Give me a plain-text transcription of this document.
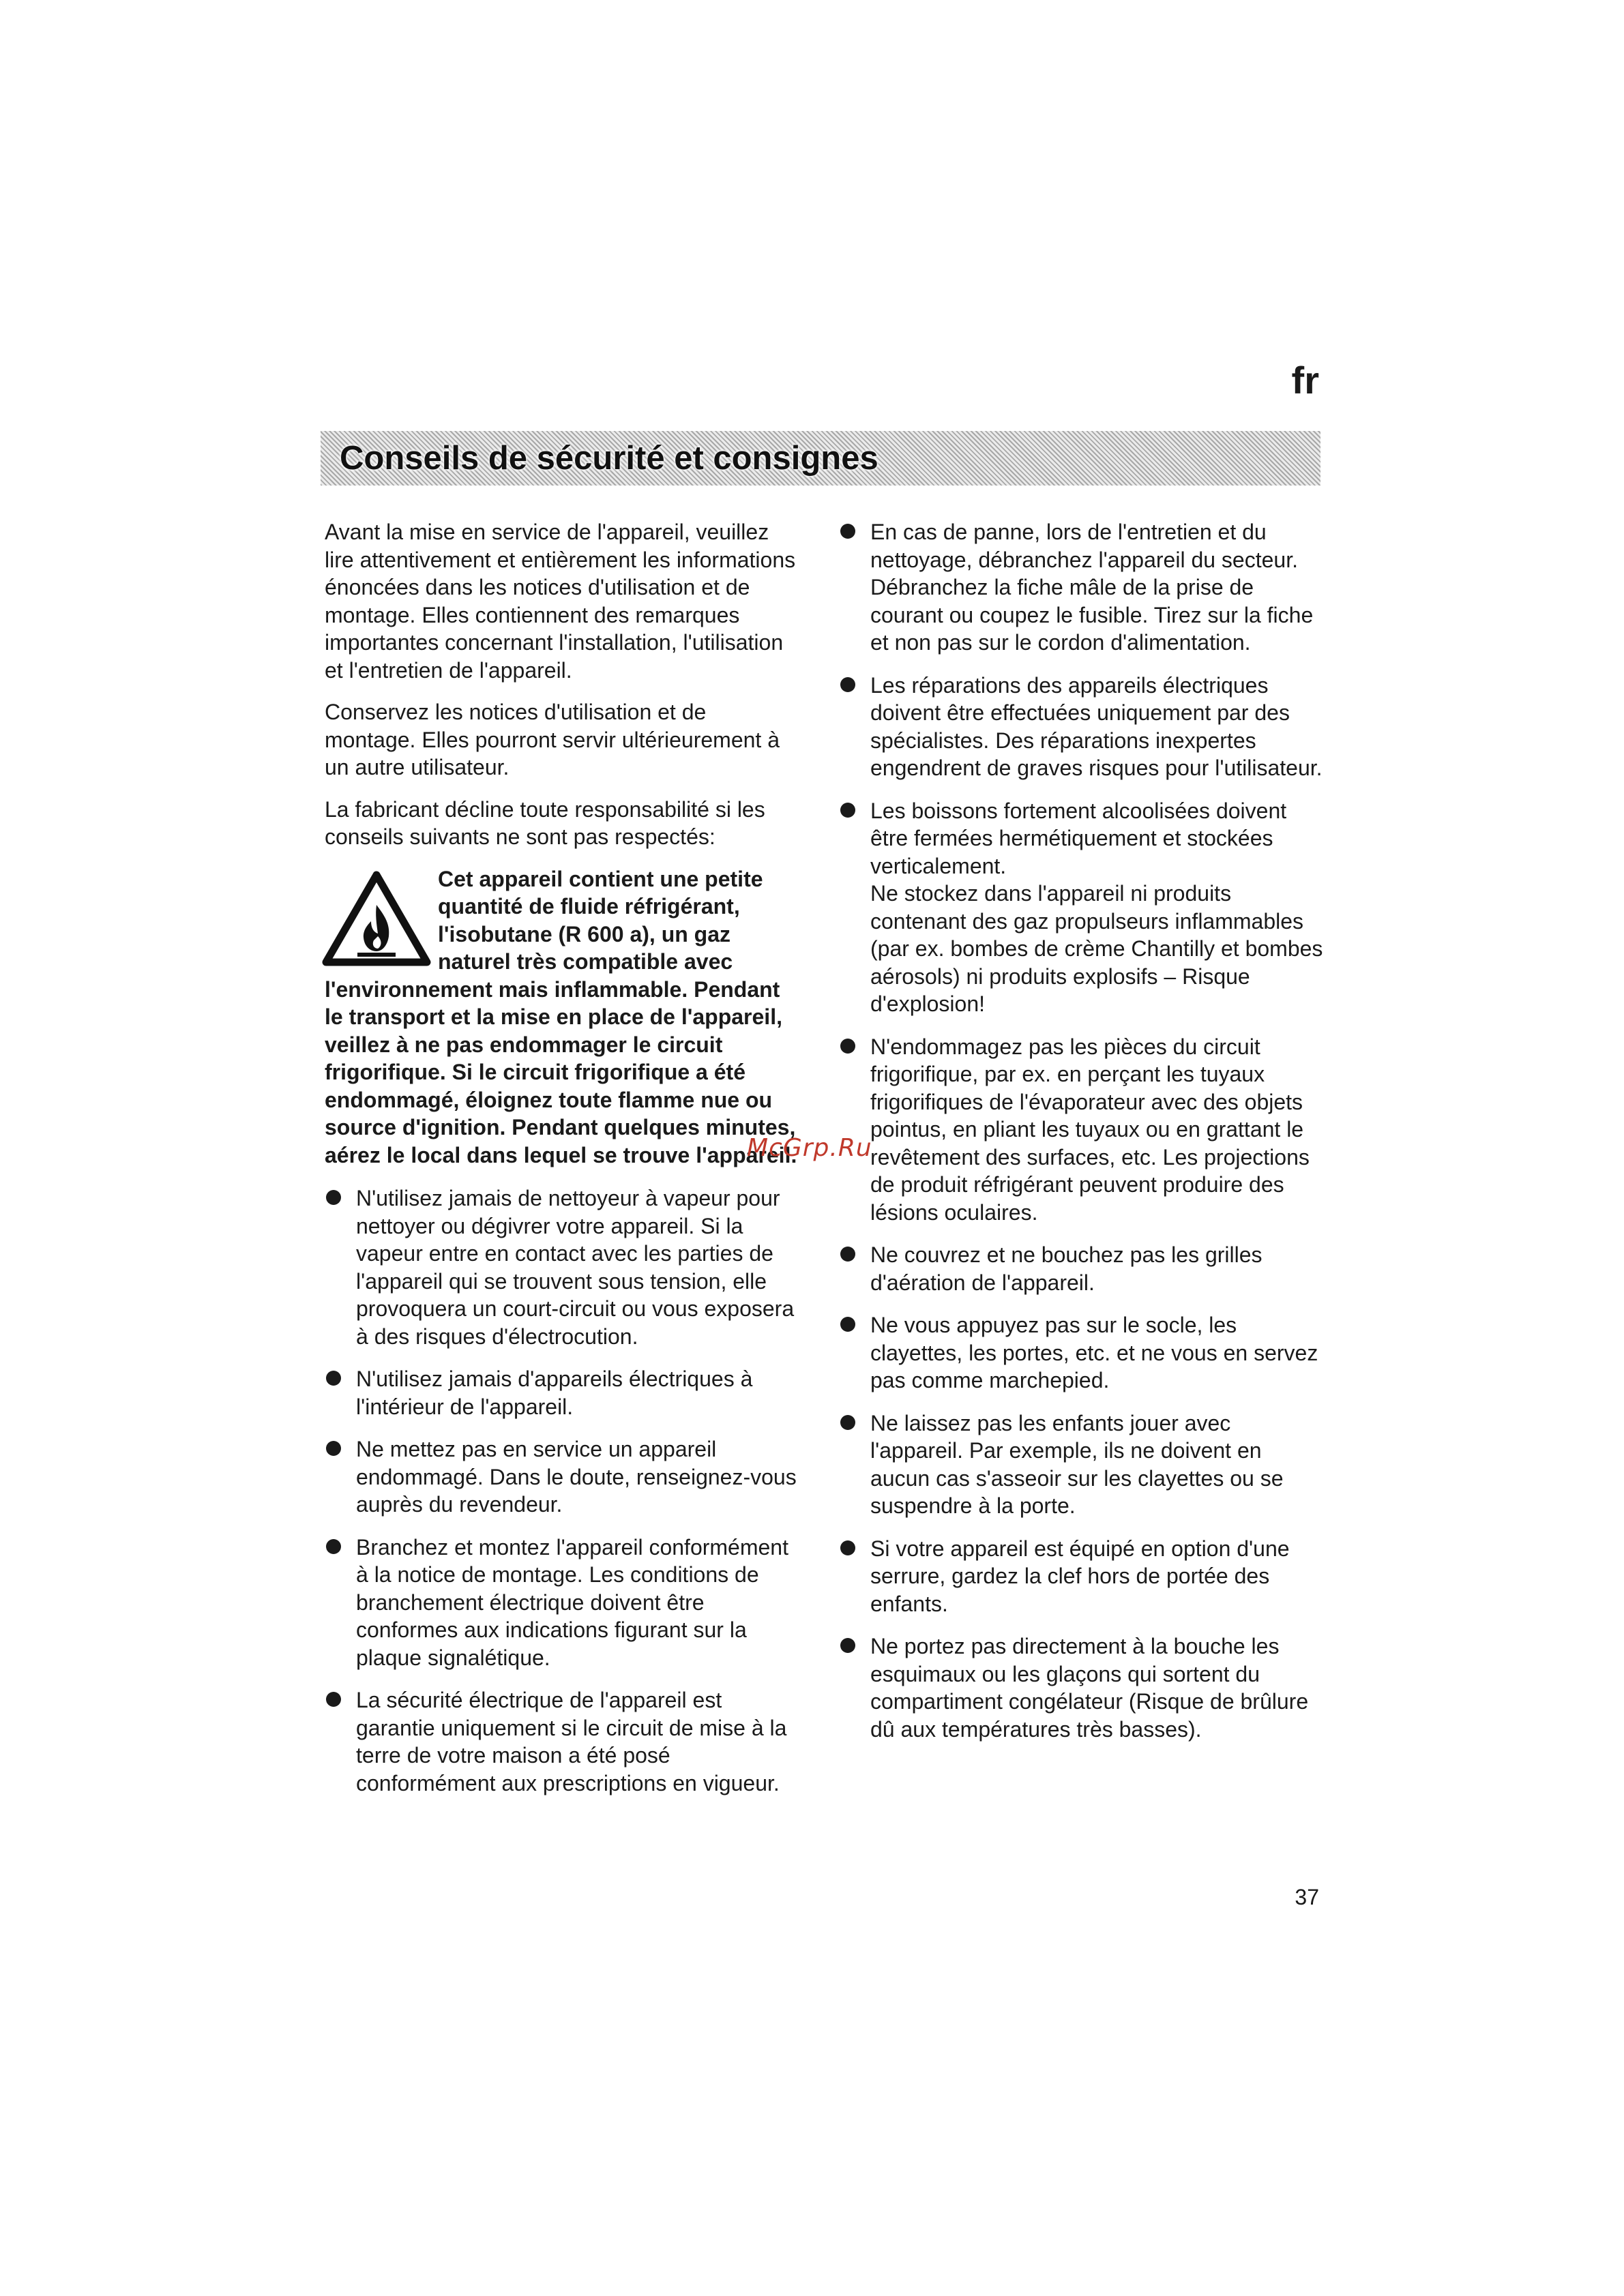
fr
Conseils de sécurité et consignes

Avant la mise en service de l'appareil, veuillez lire attentivement et entièrement les informations énoncées dans les notices d'utilisation et de montage. Elles contiennent des remarques importantes concernant l'installation, l'utilisation et l'entretien de l'appareil.

Conservez les notices d'utilisation et de montage. Elles pourront servir ultérieurement à un autre utilisateur.

La fabricant décline toute responsabilité si les conseils suivants ne sont pas respectés:

Cet appareil contient une petite quantité de fluide réfrigérant, l'isobutane (R 600 a), un gaz naturel très compatible avec l'environnement mais inflammable. Pendant le transport et la mise en place de l'appareil, veillez à ne pas endommager le circuit frigorifique. Si le circuit frigorifique a été endommagé, éloignez toute flamme nue ou source d'ignition. Pendant quelques minutes, aérez le local dans lequel se trouve l'appareil.
N'utilisez jamais de nettoyeur à vapeur pour nettoyer ou dégivrer votre appareil. Si la vapeur entre en contact avec les parties de l'appareil qui se trouvent sous tension, elle provoquera un court-circuit ou vous exposera à des risques d'électrocution.
N'utilisez jamais d'appareils électriques à l'intérieur de l'appareil.
Ne mettez pas en service un appareil endommagé. Dans le doute, renseignez-vous auprès du revendeur.
Branchez et montez l'appareil conformément à la notice de montage. Les conditions de branchement électrique doivent être conformes aux indications figurant sur la plaque signalétique.
La sécurité électrique de l'appareil est garantie uniquement si le circuit de mise à la terre de votre maison a été posé conformément aux prescriptions en vigueur.
En cas de panne, lors de l'entretien et du nettoyage, débranchez l'appareil du secteur. Débranchez la fiche mâle de la prise de courant ou coupez le fusible. Tirez sur la fiche et non pas sur le cordon d'alimentation.
Les réparations des appareils électriques doivent être effectuées uniquement par des spécialistes. Des réparations inexpertes engendrent de graves risques pour l'utilisateur.
Les boissons fortement alcoolisées doivent être fermées hermétiquement et stockées verticalement.
Ne stockez dans l'appareil ni produits contenant des gaz propulseurs inflammables (par ex. bombes de crème Chantilly et bombes aérosols) ni produits explosifs – Risque d'explosion!
N'endommagez pas les pièces du circuit frigorifique, par ex. en perçant les tuyaux frigorifiques de l'évaporateur avec des objets pointus, en pliant les tuyaux ou en grattant le revêtement des surfaces, etc. Les projections de produit réfrigérant peuvent produire des lésions oculaires.
Ne couvrez et ne bouchez pas les grilles d'aération de l'appareil.
Ne vous appuyez pas sur le socle, les clayettes, les portes, etc. et ne vous en servez pas comme marchepied.
Ne laissez pas les enfants jouer avec l'appareil. Par exemple, ils ne doivent en aucun cas s'asseoir sur les clayettes ou se suspendre à la porte.
Si votre appareil est équipé en option d'une serrure, gardez la clef hors de portée des enfants.
Ne portez pas directement à la bouche les esquimaux ou les glaçons qui sortent du compartiment congélateur (Risque de brûlure dû aux températures très basses).
McGrp.Ru
37
